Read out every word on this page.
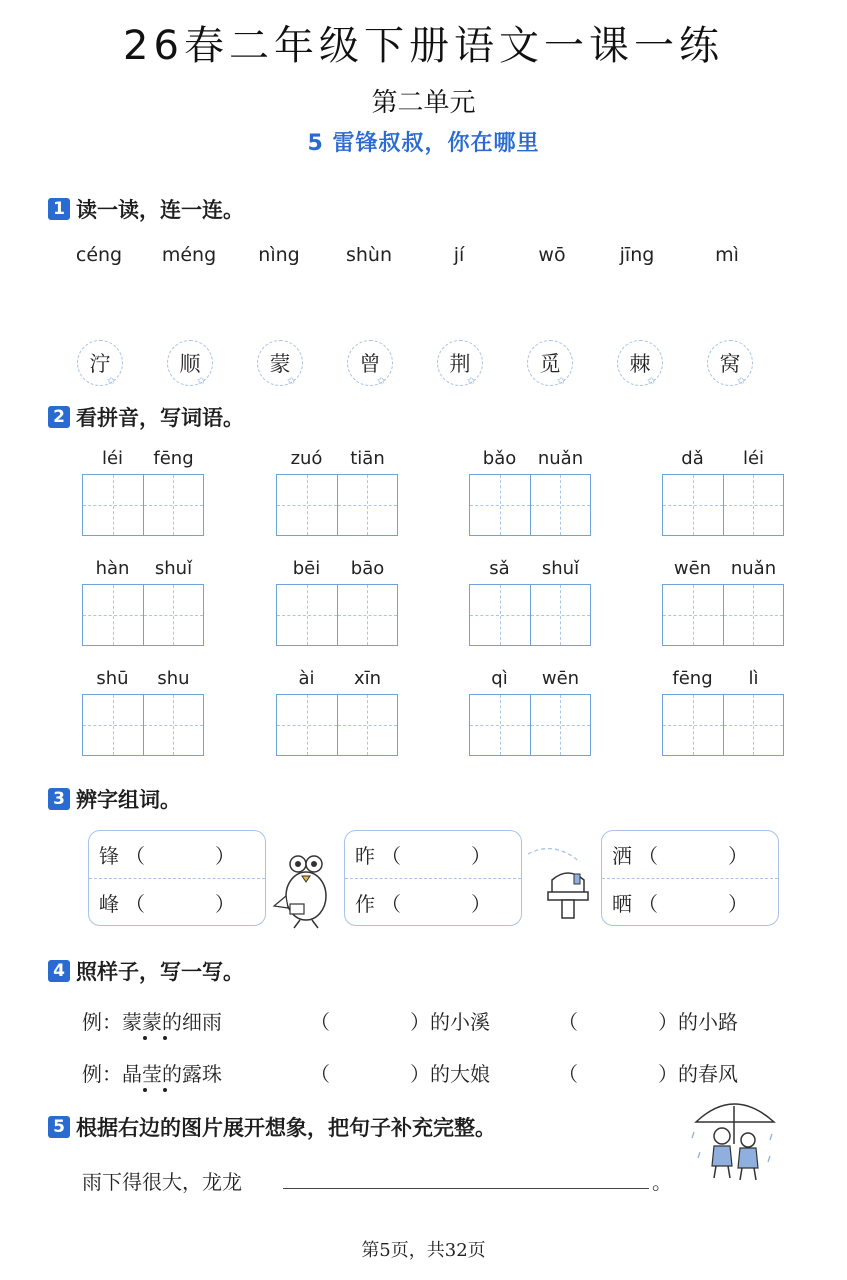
26春二年级下册语文一课一练
第二单元
5 雷锋叔叔，你在哪里
1 读一读，连一连。
céng	méng	nìng	shùn	jí	wō	jīng	mì
泞
✩
顺
✩
蒙
✩
曾
✩
荆
✩
觅
✩
棘
✩
窝
✩
2 看拼音，写词语。
léi	fēng	zuó	tiān	bǎo	nuǎn	dǎ	léi
hàn	shuǐ	bēi	bāo	sǎ	shuǐ	wēn	nuǎn
shū	shu	ài	xīn	qì	wēn	fēng	lì
3 辨字组词。
锋 （	）
峰 （	）
昨 （	）
作 （	）
洒 （	）
晒 （	）
4 照样子，写一写。
例：蒙蒙的细雨	（　　　　）的小溪	（　　　　）的小路
例：晶莹的露珠	（　　　　）的大娘	（　　　　）的春风
5 根据右边的图片展开想象，把句子补充完整。
雨下得很大，龙龙	。
第5页，共32页
